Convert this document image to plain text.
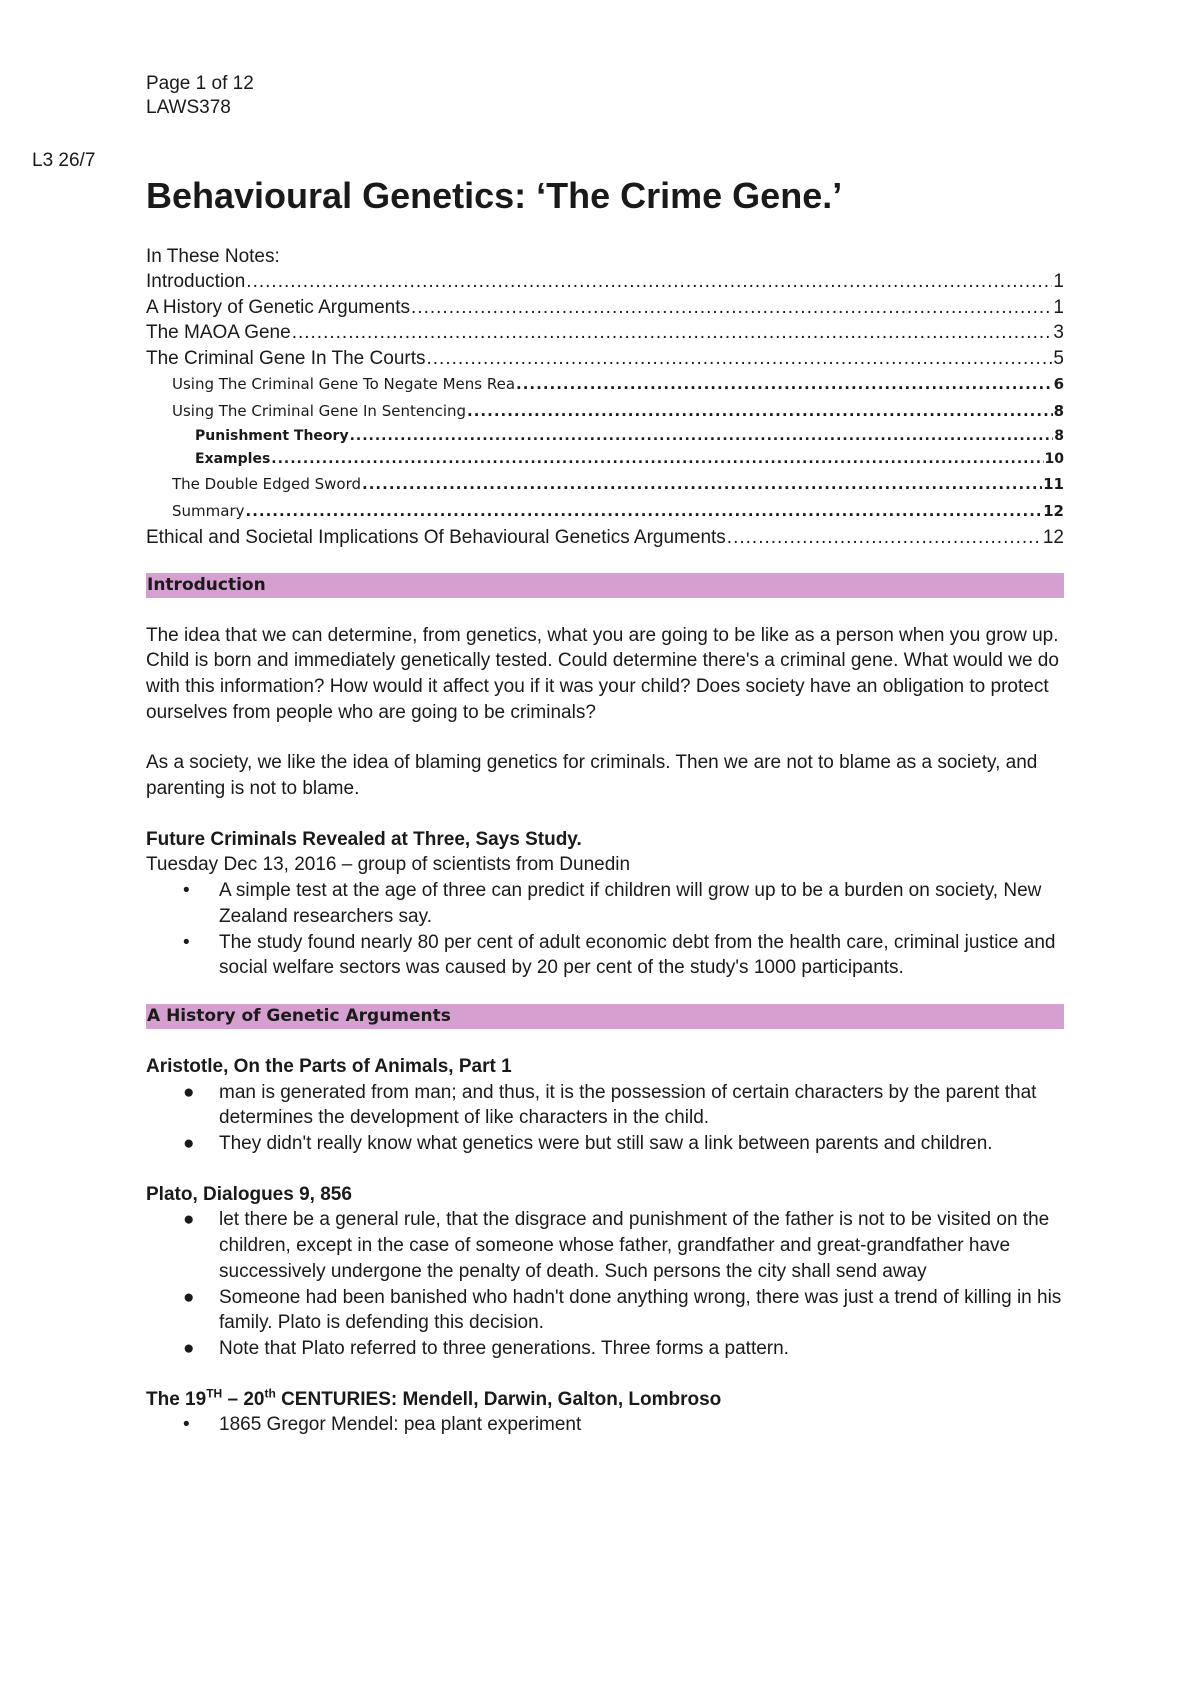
Page 1 of 12
LAWS378
L3 26/7
Behavioural Genetics: ‘The Crime Gene.’
In These Notes:
Introduction .....	1
A History of Genetic Arguments .....	1
The MAOA Gene .....	3
The Criminal Gene In The Courts .....	5
Using The Criminal Gene To Negate Mens Rea .....	6
Using The Criminal Gene In Sentencing .....	8
Punishment Theory .....	8
Examples .....	10
The Double Edged Sword .....	11
Summary .....	12
Ethical and Societal Implications Of Behavioural Genetics Arguments .....	12
Introduction

The idea that we can determine, from genetics, what you are going to be like as a person when you grow up. Child is born and immediately genetically tested. Could determine there's a criminal gene. What would we do with this information? How would it affect you if it was your child? Does society have an obligation to protect ourselves from people who are going to be criminals?

As a society, we like the idea of blaming genetics for criminals. Then we are not to blame as a society, and parenting is not to blame.

Future Criminals Revealed at Three, Says Study.

Tuesday Dec 13, 2016 – group of scientists from Dunedin

• A simple test at the age of three can predict if children will grow up to be a burden on society, New Zealand researchers say.
• The study found nearly 80 per cent of adult economic debt from the health care, criminal justice and social welfare sectors was caused by 20 per cent of the study's 1000 participants.
A History of Genetic Arguments
Aristotle, On the Parts of Animals, Part 1
● man is generated from man; and thus, it is the possession of certain characters by the parent that determines the development of like characters in the child.
● They didn't really know what genetics were but still saw a link between parents and children.
Plato, Dialogues 9, 856
● let there be a general rule, that the disgrace and punishment of the father is not to be visited on the children, except in the case of someone whose father, grandfather and great-grandfather have successively undergone the penalty of death. Such persons the city shall send away
● Someone had been banished who hadn't done anything wrong, there was just a trend of killing in his family. Plato is defending this decision.
● Note that Plato referred to three generations. Three forms a pattern.
The 19TH – 20th CENTURIES: Mendell, Darwin, Galton, Lombroso
• 1865 Gregor Mendel: pea plant experiment
